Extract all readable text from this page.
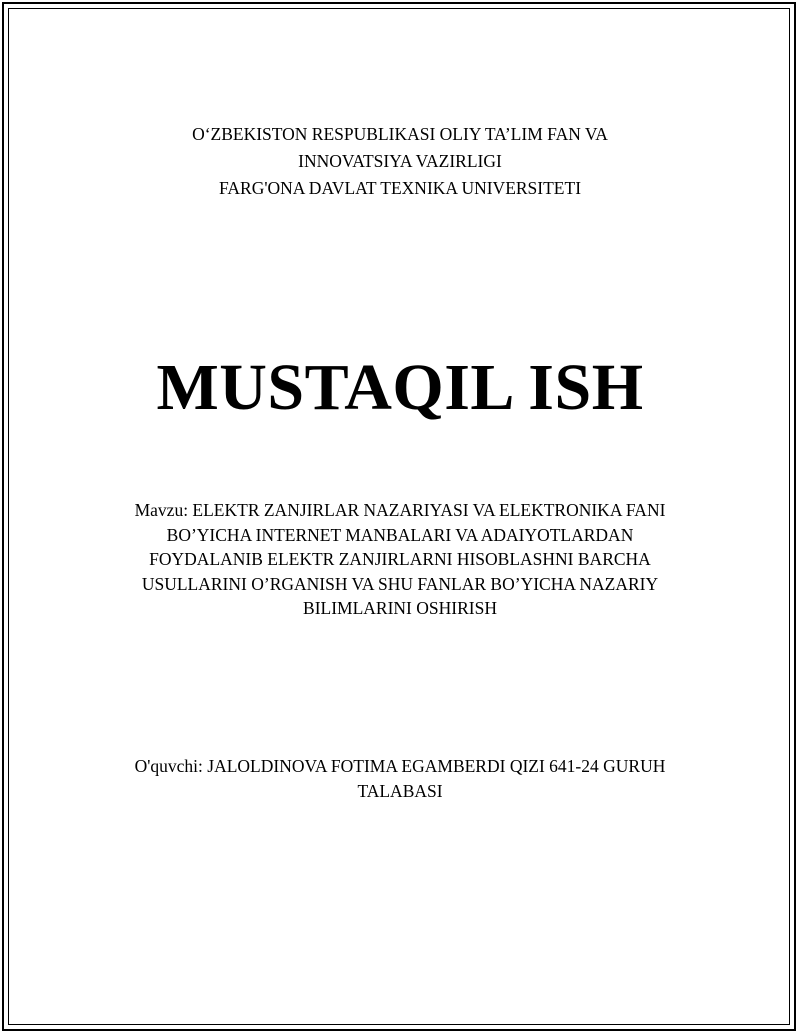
O‘ZBEKISTON RESPUBLIKASI OLIY TA’LIM FAN VA
INNOVATSIYA VAZIRLIGI
FARG'ONA DAVLAT TEXNIKA UNIVERSITETI
MUSTAQIL ISH
Mavzu: ELEKTR ZANJIRLAR NAZARIYASI VA ELEKTRONIKA FANI
BO’YICHA INTERNET MANBALARI VA ADAIYOTLARDAN
FOYDALANIB ELEKTR ZANJIRLARNI HISOBLASHNI BARCHA
USULLARINI O’RGANISH VA SHU FANLAR BO’YICHA NAZARIY
BILIMLARINI OSHIRISH
O'quvchi: JALOLDINOVA FOTIMA EGAMBERDI QIZI 641-24 GURUH
TALABASI
